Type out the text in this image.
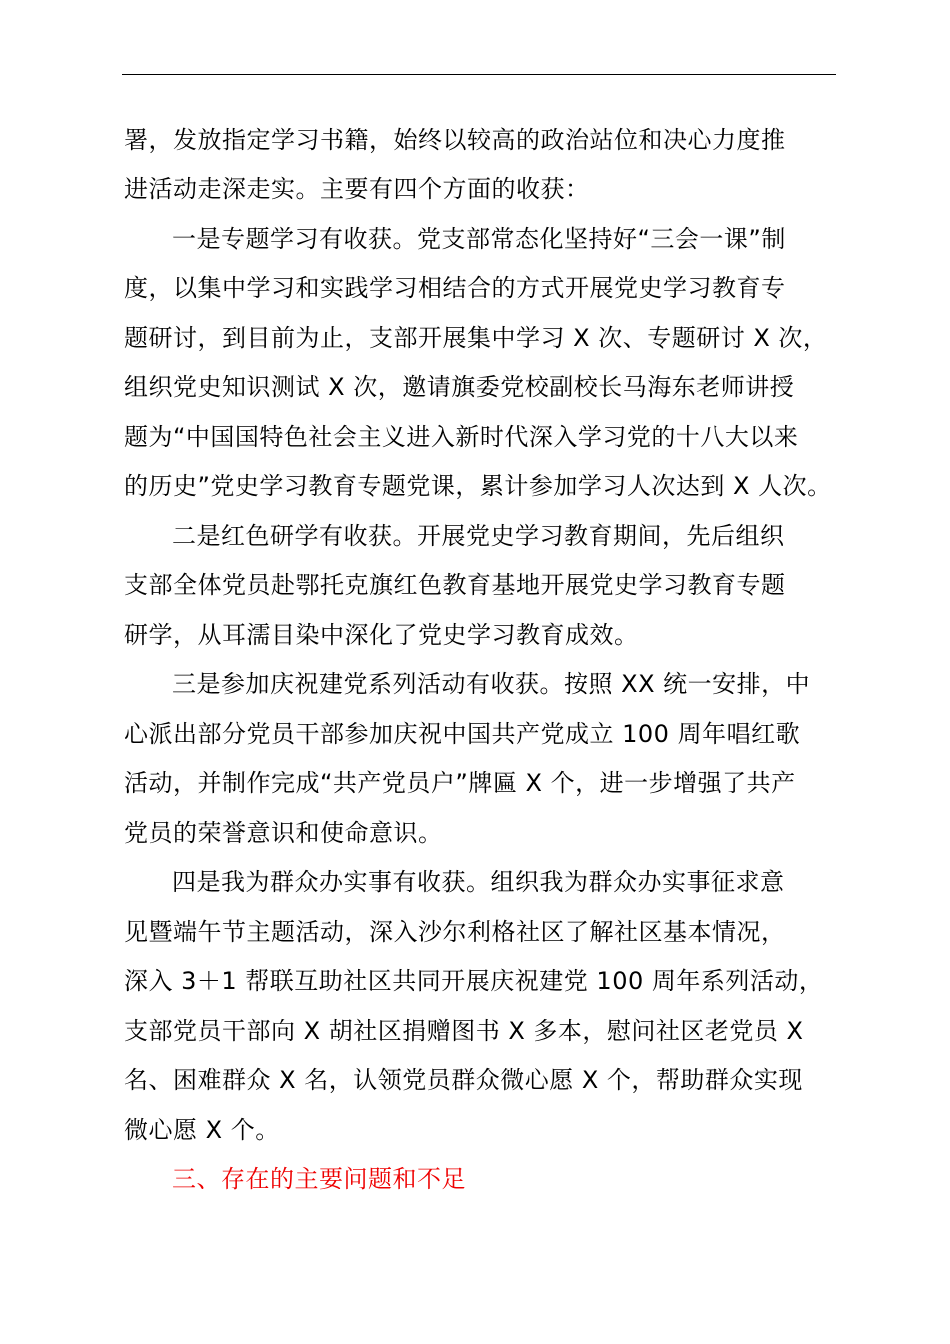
署，发放指定学习书籍，始终以较高的政治站位和决心力度推
进活动走深走实。主要有四个方面的收获：
一是专题学习有收获。党支部常态化坚持好“三会一课”制
度，以集中学习和实践学习相结合的方式开展党史学习教育专
题研讨，到目前为止，支部开展集中学习 X 次、专题研讨 X 次，
组织党史知识测试 X 次，邀请旗委党校副校长马海东老师讲授
题为“中国国特色社会主义进入新时代深入学习党的十八大以来
的历史”党史学习教育专题党课，累计参加学习人次达到 X 人次。
二是红色研学有收获。开展党史学习教育期间，先后组织
支部全体党员赴鄂托克旗红色教育基地开展党史学习教育专题
研学，从耳濡目染中深化了党史学习教育成效。
三是参加庆祝建党系列活动有收获。按照 XX 统一安排，中
心派出部分党员干部参加庆祝中国共产党成立 100 周年唱红歌
活动，并制作完成“共产党员户”牌匾 X 个，进一步增强了共产
党员的荣誉意识和使命意识。
四是我为群众办实事有收获。组织我为群众办实事征求意
见暨端午节主题活动，深入沙尔利格社区了解社区基本情况，
深入 3＋1 帮联互助社区共同开展庆祝建党 100 周年系列活动，
支部党员干部向 X 胡社区捐赠图书 X 多本，慰问社区老党员 X
名、困难群众 X 名，认领党员群众微心愿 X 个，帮助群众实现
微心愿 X 个。
三、存在的主要问题和不足
